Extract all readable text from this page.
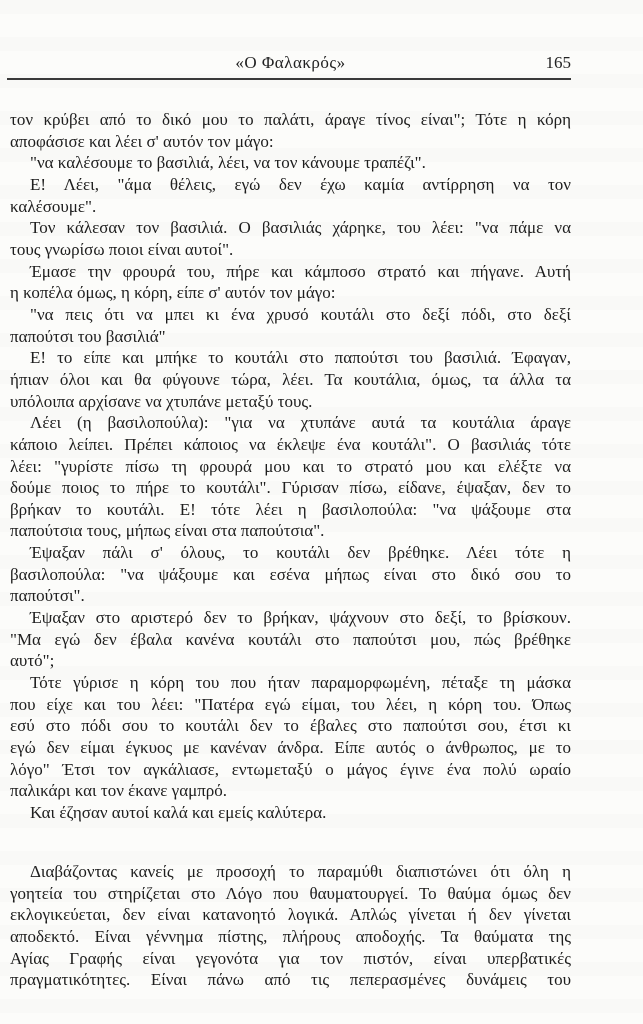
«Ο Φαλακρός»	165
τον κρύβει από το δικό μου το παλάτι, άραγε τίνος είναι"; Τότε η κόρη
αποφάσισε και λέει σ' αυτόν τον μάγο:
"να καλέσουμε το βασιλιά, λέει, να τον κάνουμε τραπέζι".
Ε! Λέει, "άμα θέλεις, εγώ δεν έχω καμία αντίρρηση να τον
καλέσουμε".
Τον κάλεσαν τον βασιλιά. Ο βασιλιάς χάρηκε, του λέει: "να πάμε να
τους γνωρίσω ποιοι είναι αυτοί".
Έμασε την φρουρά του, πήρε και κάμποσο στρατό και πήγανε. Αυτή
η κοπέλα όμως, η κόρη, είπε σ' αυτόν τον μάγο:
"να πεις ότι να μπει κι ένα χρυσό κουτάλι στο δεξί πόδι, στο δεξί
παπούτσι του βασιλιά"
Ε! το είπε και μπήκε το κουτάλι στο παπούτσι του βασιλιά. Έφαγαν,
ήπιαν όλοι και θα φύγουνε τώρα, λέει. Τα κουτάλια, όμως, τα άλλα τα
υπόλοιπα αρχίσανε να χτυπάνε μεταξύ τους.
Λέει (η βασιλοπούλα): "για να χτυπάνε αυτά τα κουτάλια άραγε
κάποιο λείπει. Πρέπει κάποιος να έκλεψε ένα κουτάλι". Ο βασιλιάς τότε
λέει: "γυρίστε πίσω τη φρουρά μου και το στρατό μου και ελέξτε να
δούμε ποιος το πήρε το κουτάλι". Γύρισαν πίσω, είδανε, έψαξαν, δεν το
βρήκαν το κουτάλι. Ε! τότε λέει η βασιλοπούλα: "να ψάξουμε στα
παπούτσια τους, μήπως είναι στα παπούτσια".
Έψαξαν πάλι σ' όλους, το κουτάλι δεν βρέθηκε. Λέει τότε η
βασιλοπούλα: "να ψάξουμε και εσένα μήπως είναι στο δικό σου το
παπούτσι".
Έψαξαν στο αριστερό δεν το βρήκαν, ψάχνουν στο δεξί, το βρίσκουν.
"Μα εγώ δεν έβαλα κανένα κουτάλι στο παπούτσι μου, πώς βρέθηκε
αυτό";
Τότε γύρισε η κόρη του που ήταν παραμορφωμένη, πέταξε τη μάσκα
που είχε και του λέει: "Πατέρα εγώ είμαι, του λέει, η κόρη του. Όπως
εσύ στο πόδι σου το κουτάλι δεν το έβαλες στο παπούτσι σου, έτσι κι
εγώ δεν είμαι έγκυος με κανέναν άνδρα. Είπε αυτός ο άνθρωπος, με το
λόγο" Έτσι τον αγκάλιασε, εντωμεταξύ ο μάγος έγινε ένα πολύ ωραίο
παλικάρι και τον έκανε γαμπρό.
Και έζησαν αυτοί καλά και εμείς καλύτερα.
Διαβάζοντας κανείς με προσοχή το παραμύθι διαπιστώνει ότι όλη η
γοητεία του στηρίζεται στο Λόγο που θαυματουργεί. Το θαύμα όμως δεν
εκλογικεύεται, δεν είναι κατανοητό λογικά. Απλώς γίνεται ή δεν γίνεται
αποδεκτό. Είναι γέννημα πίστης, πλήρους αποδοχής. Τα θαύματα της
Αγίας Γραφής είναι γεγονότα για τον πιστόν, είναι υπερβατικές
πραγματικότητες. Είναι πάνω από τις πεπερασμένες δυνάμεις του
